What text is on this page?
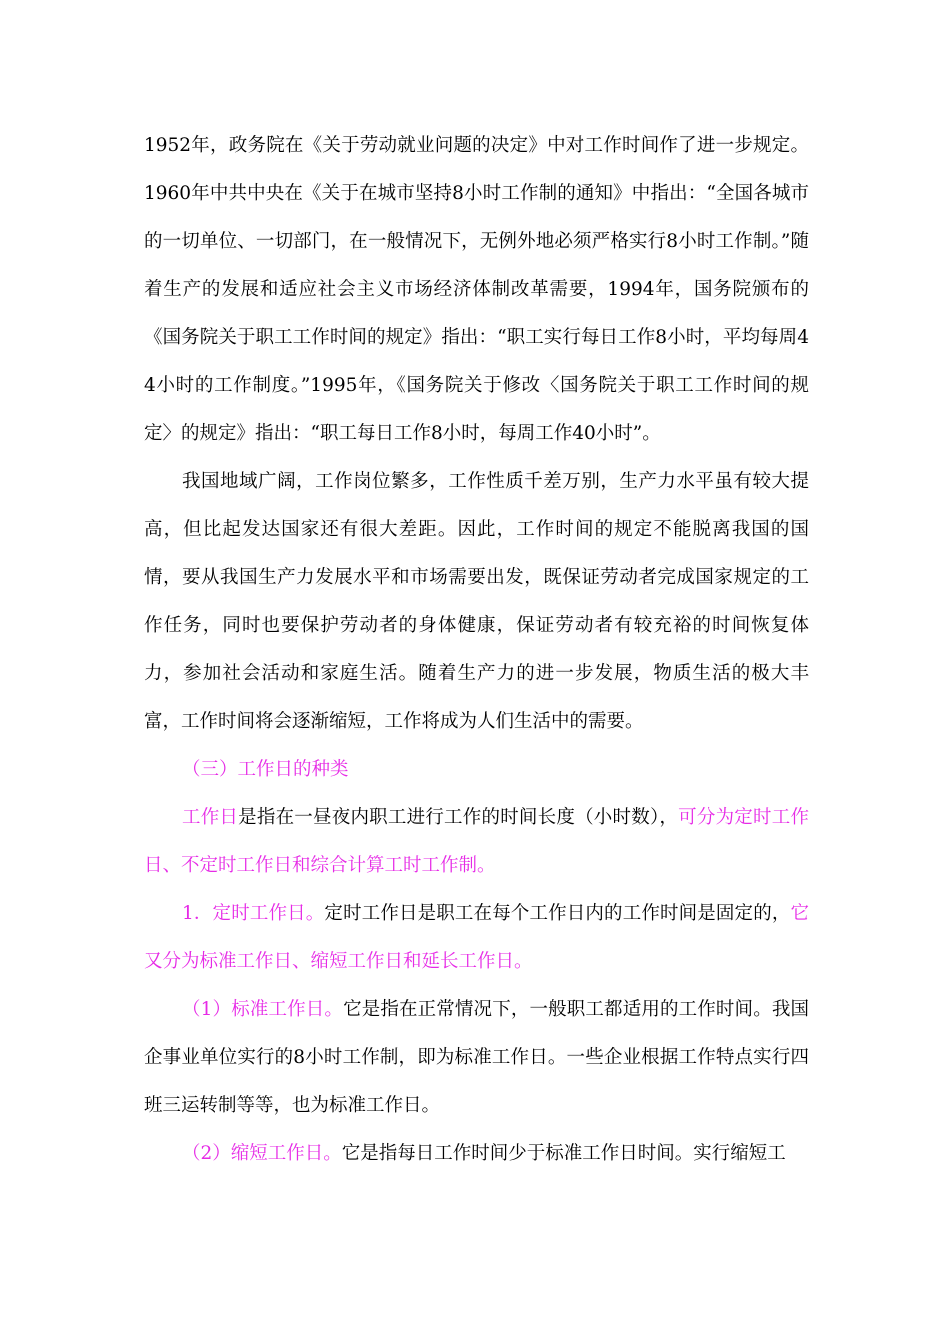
1952年，政务院在《关于劳动就业问题的决定》中对工作时间作了进一步规定。1960年中共中央在《关于在城市坚持8小时工作制的通知》中指出：“全国各城市的一切单位、一切部门，在一般情况下，无例外地必须严格实行8小时工作制。”随着生产的发展和适应社会主义市场经济体制改革需要，1994年，国务院颁布的《国务院关于职工工作时间的规定》指出：“职工实行每日工作8小时，平均每周44小时的工作制度。”1995年，《国务院关于修改〈国务院关于职工工作时间的规定〉的规定》指出：“职工每日工作8小时，每周工作40小时”。

我国地域广阔，工作岗位繁多，工作性质千差万别，生产力水平虽有较大提高，但比起发达国家还有很大差距。因此，工作时间的规定不能脱离我国的国情，要从我国生产力发展水平和市场需要出发，既保证劳动者完成国家规定的工作任务，同时也要保护劳动者的身体健康，保证劳动者有较充裕的时间恢复体力，参加社会活动和家庭生活。随着生产力的进一步发展，物质生活的极大丰富，工作时间将会逐渐缩短，工作将成为人们生活中的需要。

（三）工作日的种类

工作日是指在一昼夜内职工进行工作的时间长度（小时数），可分为定时工作日、不定时工作日和综合计算工时工作制。

1．定时工作日。定时工作日是职工在每个工作日内的工作时间是固定的，它又分为标准工作日、缩短工作日和延长工作日。

（1）标准工作日。它是指在正常情况下，一般职工都适用的工作时间。我国企事业单位实行的8小时工作制，即为标准工作日。一些企业根据工作特点实行四班三运转制等等，也为标准工作日。

（2）缩短工作日。它是指每日工作时间少于标准工作日时间。实行缩短工
